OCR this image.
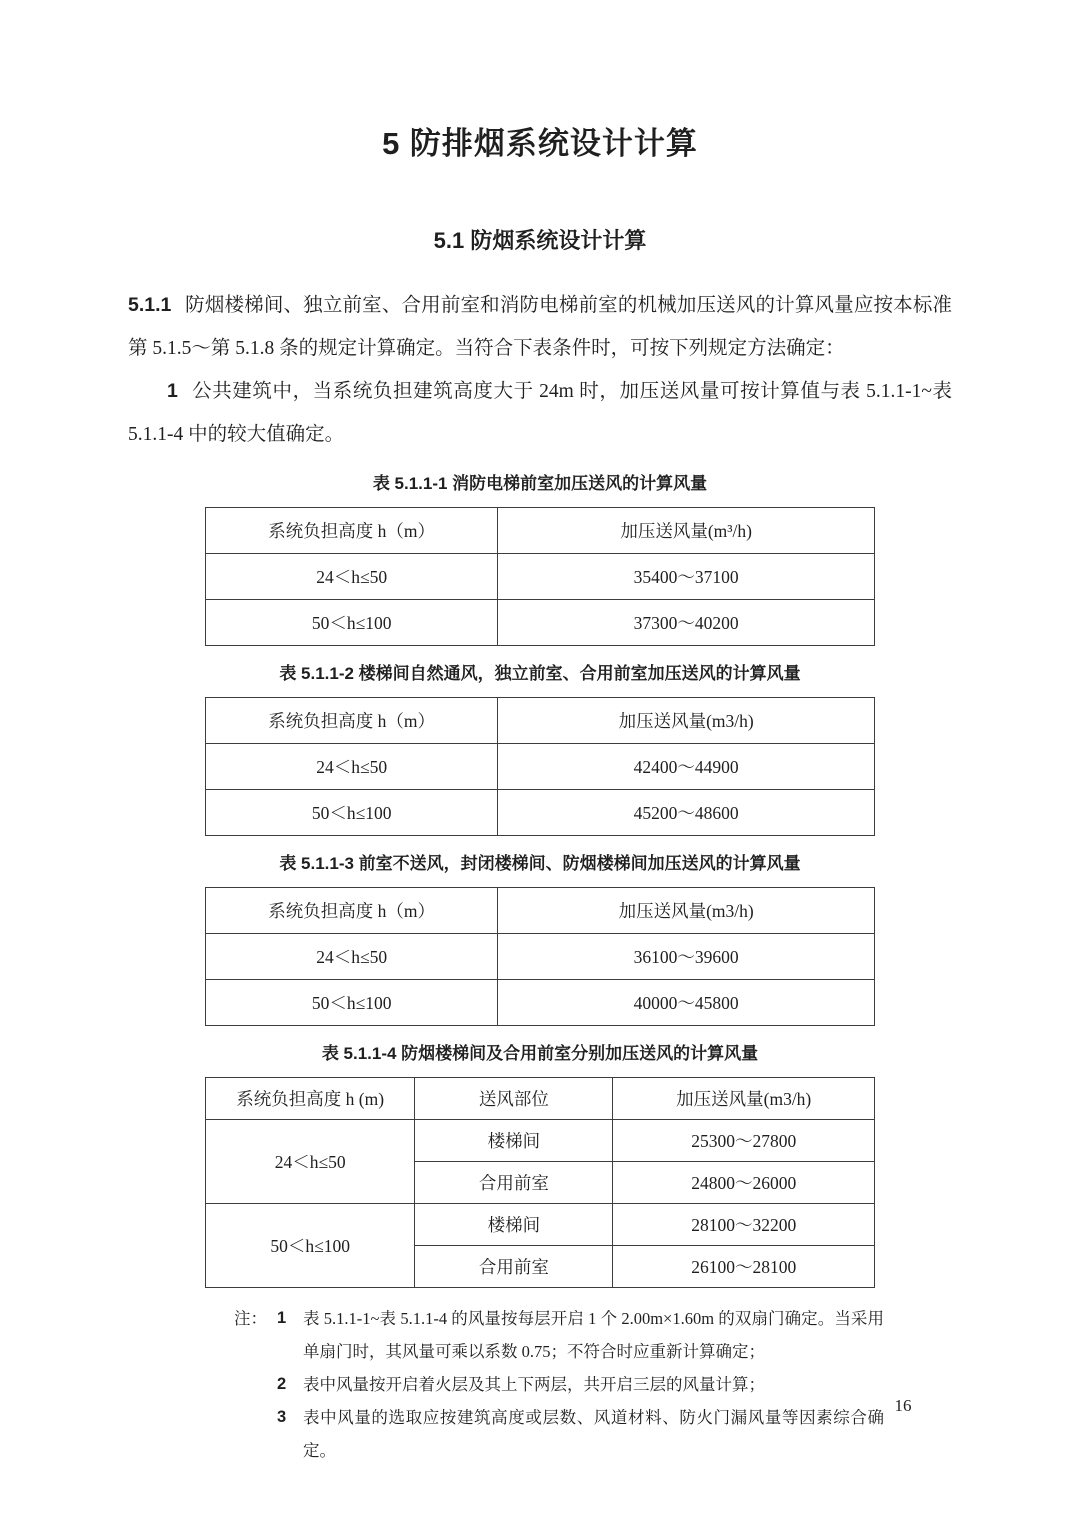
5 防排烟系统设计计算
5.1 防烟系统设计计算

5.1.1 防烟楼梯间、独立前室、合用前室和消防电梯前室的机械加压送风的计算风量应按本标准第 5.1.5～第 5.1.8 条的规定计算确定。当符合下表条件时，可按下列规定方法确定：

1 公共建筑中，当系统负担建筑高度大于 24m 时，加压送风量可按计算值与表 5.1.1-1~表 5.1.1-4 中的较大值确定。

表 5.1.1-1 消防电梯前室加压送风的计算风量
系统负担高度 h（m）	加压送风量(m³/h)
24＜h≤50	35400～37100
50＜h≤100	37300～40200
表 5.1.1-2 楼梯间自然通风，独立前室、合用前室加压送风的计算风量
系统负担高度 h（m）	加压送风量(m3/h)
24＜h≤50	42400～44900
50＜h≤100	45200～48600
表 5.1.1-3 前室不送风，封闭楼梯间、防烟楼梯间加压送风的计算风量
系统负担高度 h（m）	加压送风量(m3/h)
24＜h≤50	36100～39600
50＜h≤100	40000～45800
表 5.1.1-4 防烟楼梯间及合用前室分别加压送风的计算风量
系统负担高度 h (m)	送风部位	加压送风量(m3/h)
24＜h≤50	楼梯间	25300～27800
	合用前室	24800～26000
50＜h≤100	楼梯间	28100～32200
	合用前室	26100～28100
注： 1	表 5.1.1-1~表 5.1.1-4 的风量按每层开启 1 个 2.00m×1.60m 的双扇门确定。当采用单扇门时，其风量可乘以系数 0.75；不符合时应重新计算确定；
2	表中风量按开启着火层及其上下两层，共开启三层的风量计算；
3	表中风量的选取应按建筑高度或层数、风道材料、防火门漏风量等因素综合确定。
16
